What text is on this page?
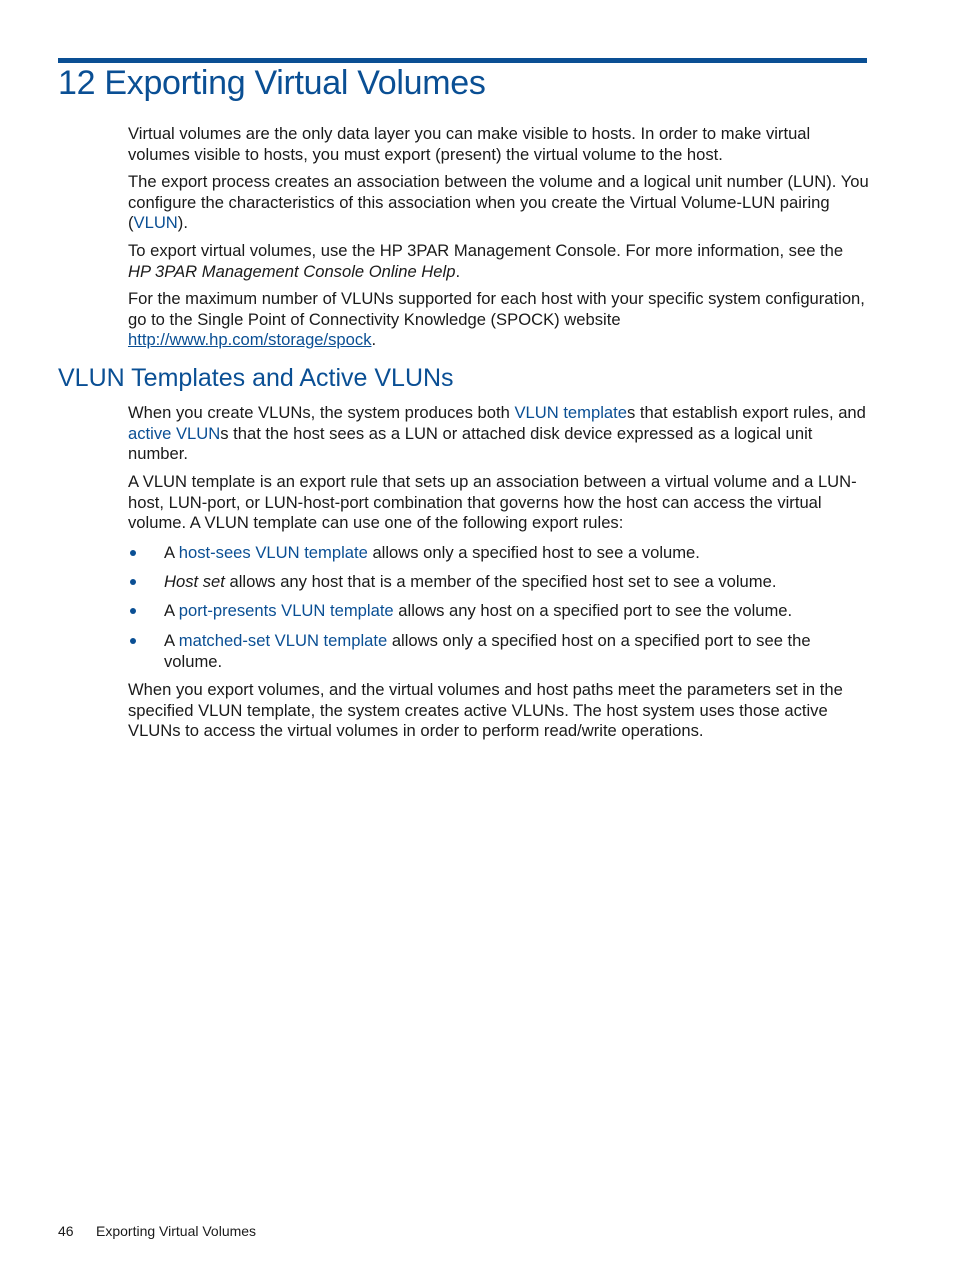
12 Exporting Virtual Volumes

Virtual volumes are the only data layer you can make visible to hosts. In order to make virtual volumes visible to hosts, you must export (present) the virtual volume to the host.

The export process creates an association between the volume and a logical unit number (LUN). You configure the characteristics of this association when you create the Virtual Volume-LUN pairing (VLUN).

To export virtual volumes, use the HP 3PAR Management Console. For more information, see the HP 3PAR Management Console Online Help.

For the maximum number of VLUNs supported for each host with your specific system configuration, go to the Single Point of Connectivity Knowledge (SPOCK) website http://www.hp.com/storage/spock.

VLUN Templates and Active VLUNs

When you create VLUNs, the system produces both VLUN templates that establish export rules, and active VLUNs that the host sees as a LUN or attached disk device expressed as a logical unit number.

A VLUN template is an export rule that sets up an association between a virtual volume and a LUN-host, LUN-port, or LUN-host-port combination that governs how the host can access the virtual volume. A VLUN template can use one of the following export rules:

A host-sees VLUN template allows only a specified host to see a volume.
Host set allows any host that is a member of the specified host set to see a volume.
A port-presents VLUN template allows any host on a specified port to see the volume.
A matched-set VLUN template allows only a specified host on a specified port to see the volume.

When you export volumes, and the virtual volumes and host paths meet the parameters set in the specified VLUN template, the system creates active VLUNs. The host system uses those active VLUNs to access the virtual volumes in order to perform read/write operations.

46 Exporting Virtual Volumes
